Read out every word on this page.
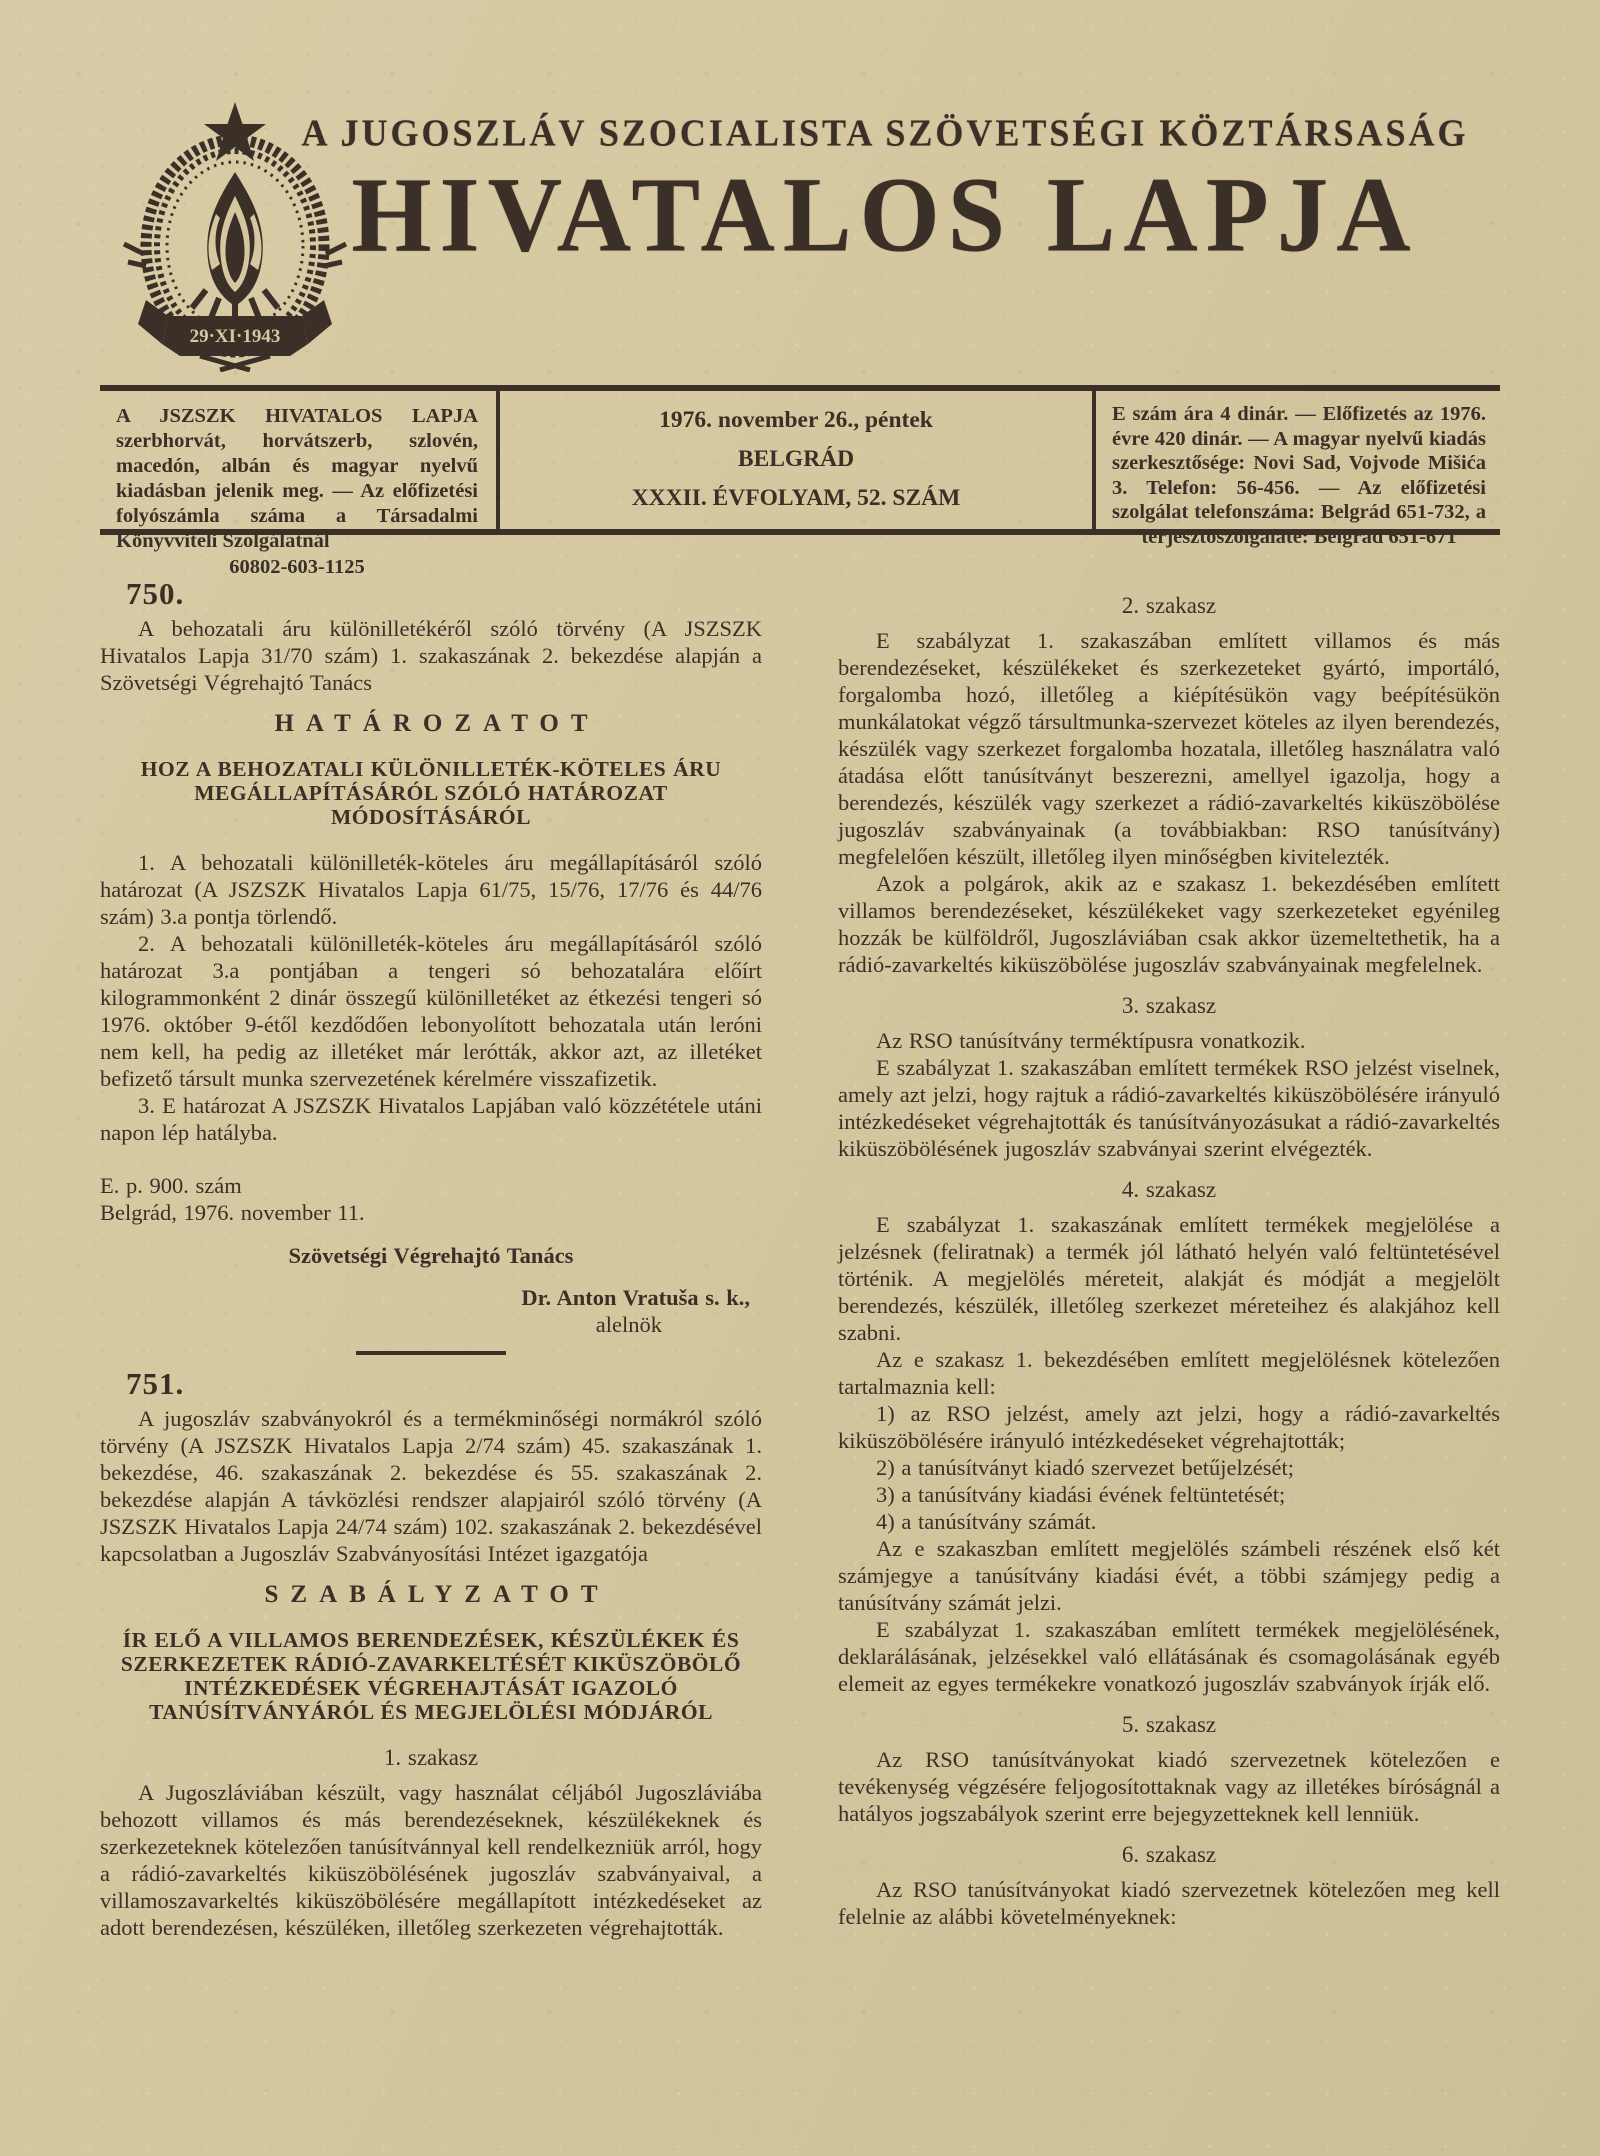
29·XI·1943
A JUGOSZLÁV SZOCIALISTA SZÖVETSÉGI KÖZTÁRSASÁG
HIVATALOS LAPJA
A JSZSZK HIVATALOS LAPJA szerbhorvát, horvátszerb, szlovén, macedón, albán és magyar nyelvű kiadásban jelenik meg. — Az előfizetési folyószámla száma a Társadalmi Könyvviteli Szolgálatnál
60802-603-1125
1976. november 26., péntek
BELGRÁD
XXXII. ÉVFOLYAM, 52. SZÁM
E szám ára 4 dinár. — Előfizetés az 1976. évre 420 dinár. — A magyar nyelvű kiadás szerkesztősége: Novi Sad, Vojvode Mišića 3. Telefon: 56-456. — Az előfizetési szolgálat telefonszáma: Belgrád 651-732, a terjesztőszolgálaté: Belgrád 651-671
750.
A behozatali áru különilletékéről szóló törvény (A JSZSZK Hivatalos Lapja 31/70 szám) 1. szakaszának 2. bekezdése alapján a Szövetségi Végrehajtó Tanács
HATÁROZATOT
HOZ A BEHOZATALI KÜLÖNILLETÉK-KÖTELES ÁRU MEGÁLLAPÍTÁSÁRÓL SZÓLÓ HATÁROZAT MÓDOSÍTÁSÁRÓL
1. A behozatali különilleték-köteles áru megállapításáról szóló határozat (A JSZSZK Hivatalos Lapja 61/75, 15/76, 17/76 és 44/76 szám) 3.a pontja törlendő.
2. A behozatali különilleték-köteles áru megállapításáról szóló határozat 3.a pontjában a tengeri só behozatalára előírt kilogrammonként 2 dinár összegű különilletéket az étkezési tengeri só 1976. október 9-étől kezdődően lebonyolított behozatala után leróni nem kell, ha pedig az illetéket már lerótták, akkor azt, az illetéket befizető társult munka szervezetének kérelmére visszafizetik.
3. E határozat A JSZSZK Hivatalos Lapjában való közzététele utáni napon lép hatályba.
E. p. 900. szám
Belgrád, 1976. november 11.
Szövetségi Végrehajtó Tanács
Dr. Anton Vratuša s. k.,
alelnök
751.
A jugoszláv szabványokról és a termékminőségi normákról szóló törvény (A JSZSZK Hivatalos Lapja 2/74 szám) 45. szakaszának 1. bekezdése, 46. szakaszának 2. bekezdése és 55. szakaszának 2. bekezdése alapján A távközlési rendszer alapjairól szóló törvény (A JSZSZK Hivatalos Lapja 24/74 szám) 102. szakaszának 2. bekezdésével kapcsolatban a Jugoszláv Szabványosítási Intézet igazgatója
SZABÁLYZATOT
ÍR ELŐ A VILLAMOS BERENDEZÉSEK, KÉSZÜLÉKEK ÉS SZERKEZETEK RÁDIÓ-ZAVARKELTÉSÉT KIKÜSZÖBÖLŐ INTÉZKEDÉSEK VÉGREHAJTÁSÁT IGAZOLÓ TANÚSÍTVÁNYÁRÓL ÉS MEGJELÖLÉSI MÓDJÁRÓL
1. szakasz
A Jugoszláviában készült, vagy használat céljából Jugoszláviába behozott villamos és más berendezéseknek, készülékeknek és szerkezeteknek kötelezően tanúsítvánnyal kell rendelkezniük arról, hogy a rádió-zavarkeltés kiküszöbölésének jugoszláv szabványaival, a villamoszavarkeltés kiküszöbölésére megállapított intézkedéseket az adott berendezésen, készüléken, illetőleg szerkezeten végrehajtották.
2. szakasz
E szabályzat 1. szakaszában említett villamos és más berendezéseket, készülékeket és szerkezeteket gyártó, importáló, forgalomba hozó, illetőleg a kiépítésükön vagy beépítésükön munkálatokat végző társultmunka-szervezet köteles az ilyen berendezés, készülék vagy szerkezet forgalomba hozatala, illetőleg használatra való átadása előtt tanúsítványt beszerezni, amellyel igazolja, hogy a berendezés, készülék vagy szerkezet a rádió-zavarkeltés kiküszöbölése jugoszláv szabványainak (a továbbiakban: RSO tanúsítvány) megfelelően készült, illetőleg ilyen minőségben kivitelezték.
Azok a polgárok, akik az e szakasz 1. bekezdésében említett villamos berendezéseket, készülékeket vagy szerkezeteket egyénileg hozzák be külföldről, Jugoszláviában csak akkor üzemeltethetik, ha a rádió-zavarkeltés kiküszöbölése jugoszláv szabványainak megfelelnek.
3. szakasz
Az RSO tanúsítvány terméktípusra vonatkozik.
E szabályzat 1. szakaszában említett termékek RSO jelzést viselnek, amely azt jelzi, hogy rajtuk a rádió-zavarkeltés kiküszöbölésére irányuló intézkedéseket végrehajtották és tanúsítványozásukat a rádió-zavarkeltés kiküszöbölésének jugoszláv szabványai szerint elvégezték.
4. szakasz
E szabályzat 1. szakaszának említett termékek megjelölése a jelzésnek (feliratnak) a termék jól látható helyén való feltüntetésével történik. A megjelölés méreteit, alakját és módját a megjelölt berendezés, készülék, illetőleg szerkezet méreteihez és alakjához kell szabni.
Az e szakasz 1. bekezdésében említett megjelölésnek kötelezően tartalmaznia kell:
1) az RSO jelzést, amely azt jelzi, hogy a rádió-zavarkeltés kiküszöbölésére irányuló intézkedéseket végrehajtották;
2) a tanúsítványt kiadó szervezet betűjelzését;
3) a tanúsítvány kiadási évének feltüntetését;
4) a tanúsítvány számát.
Az e szakaszban említett megjelölés számbeli részének első két számjegye a tanúsítvány kiadási évét, a többi számjegy pedig a tanúsítvány számát jelzi.
E szabályzat 1. szakaszában említett termékek megjelölésének, deklarálásának, jelzésekkel való ellátásának és csomagolásának egyéb elemeit az egyes termékekre vonatkozó jugoszláv szabványok írják elő.
5. szakasz
Az RSO tanúsítványokat kiadó szervezetnek kötelezően e tevékenység végzésére feljogosítottaknak vagy az illetékes bíróságnál a hatályos jogszabályok szerint erre bejegyzetteknek kell lenniük.
6. szakasz
Az RSO tanúsítványokat kiadó szervezetnek kötelezően meg kell felelnie az alábbi követelményeknek:
